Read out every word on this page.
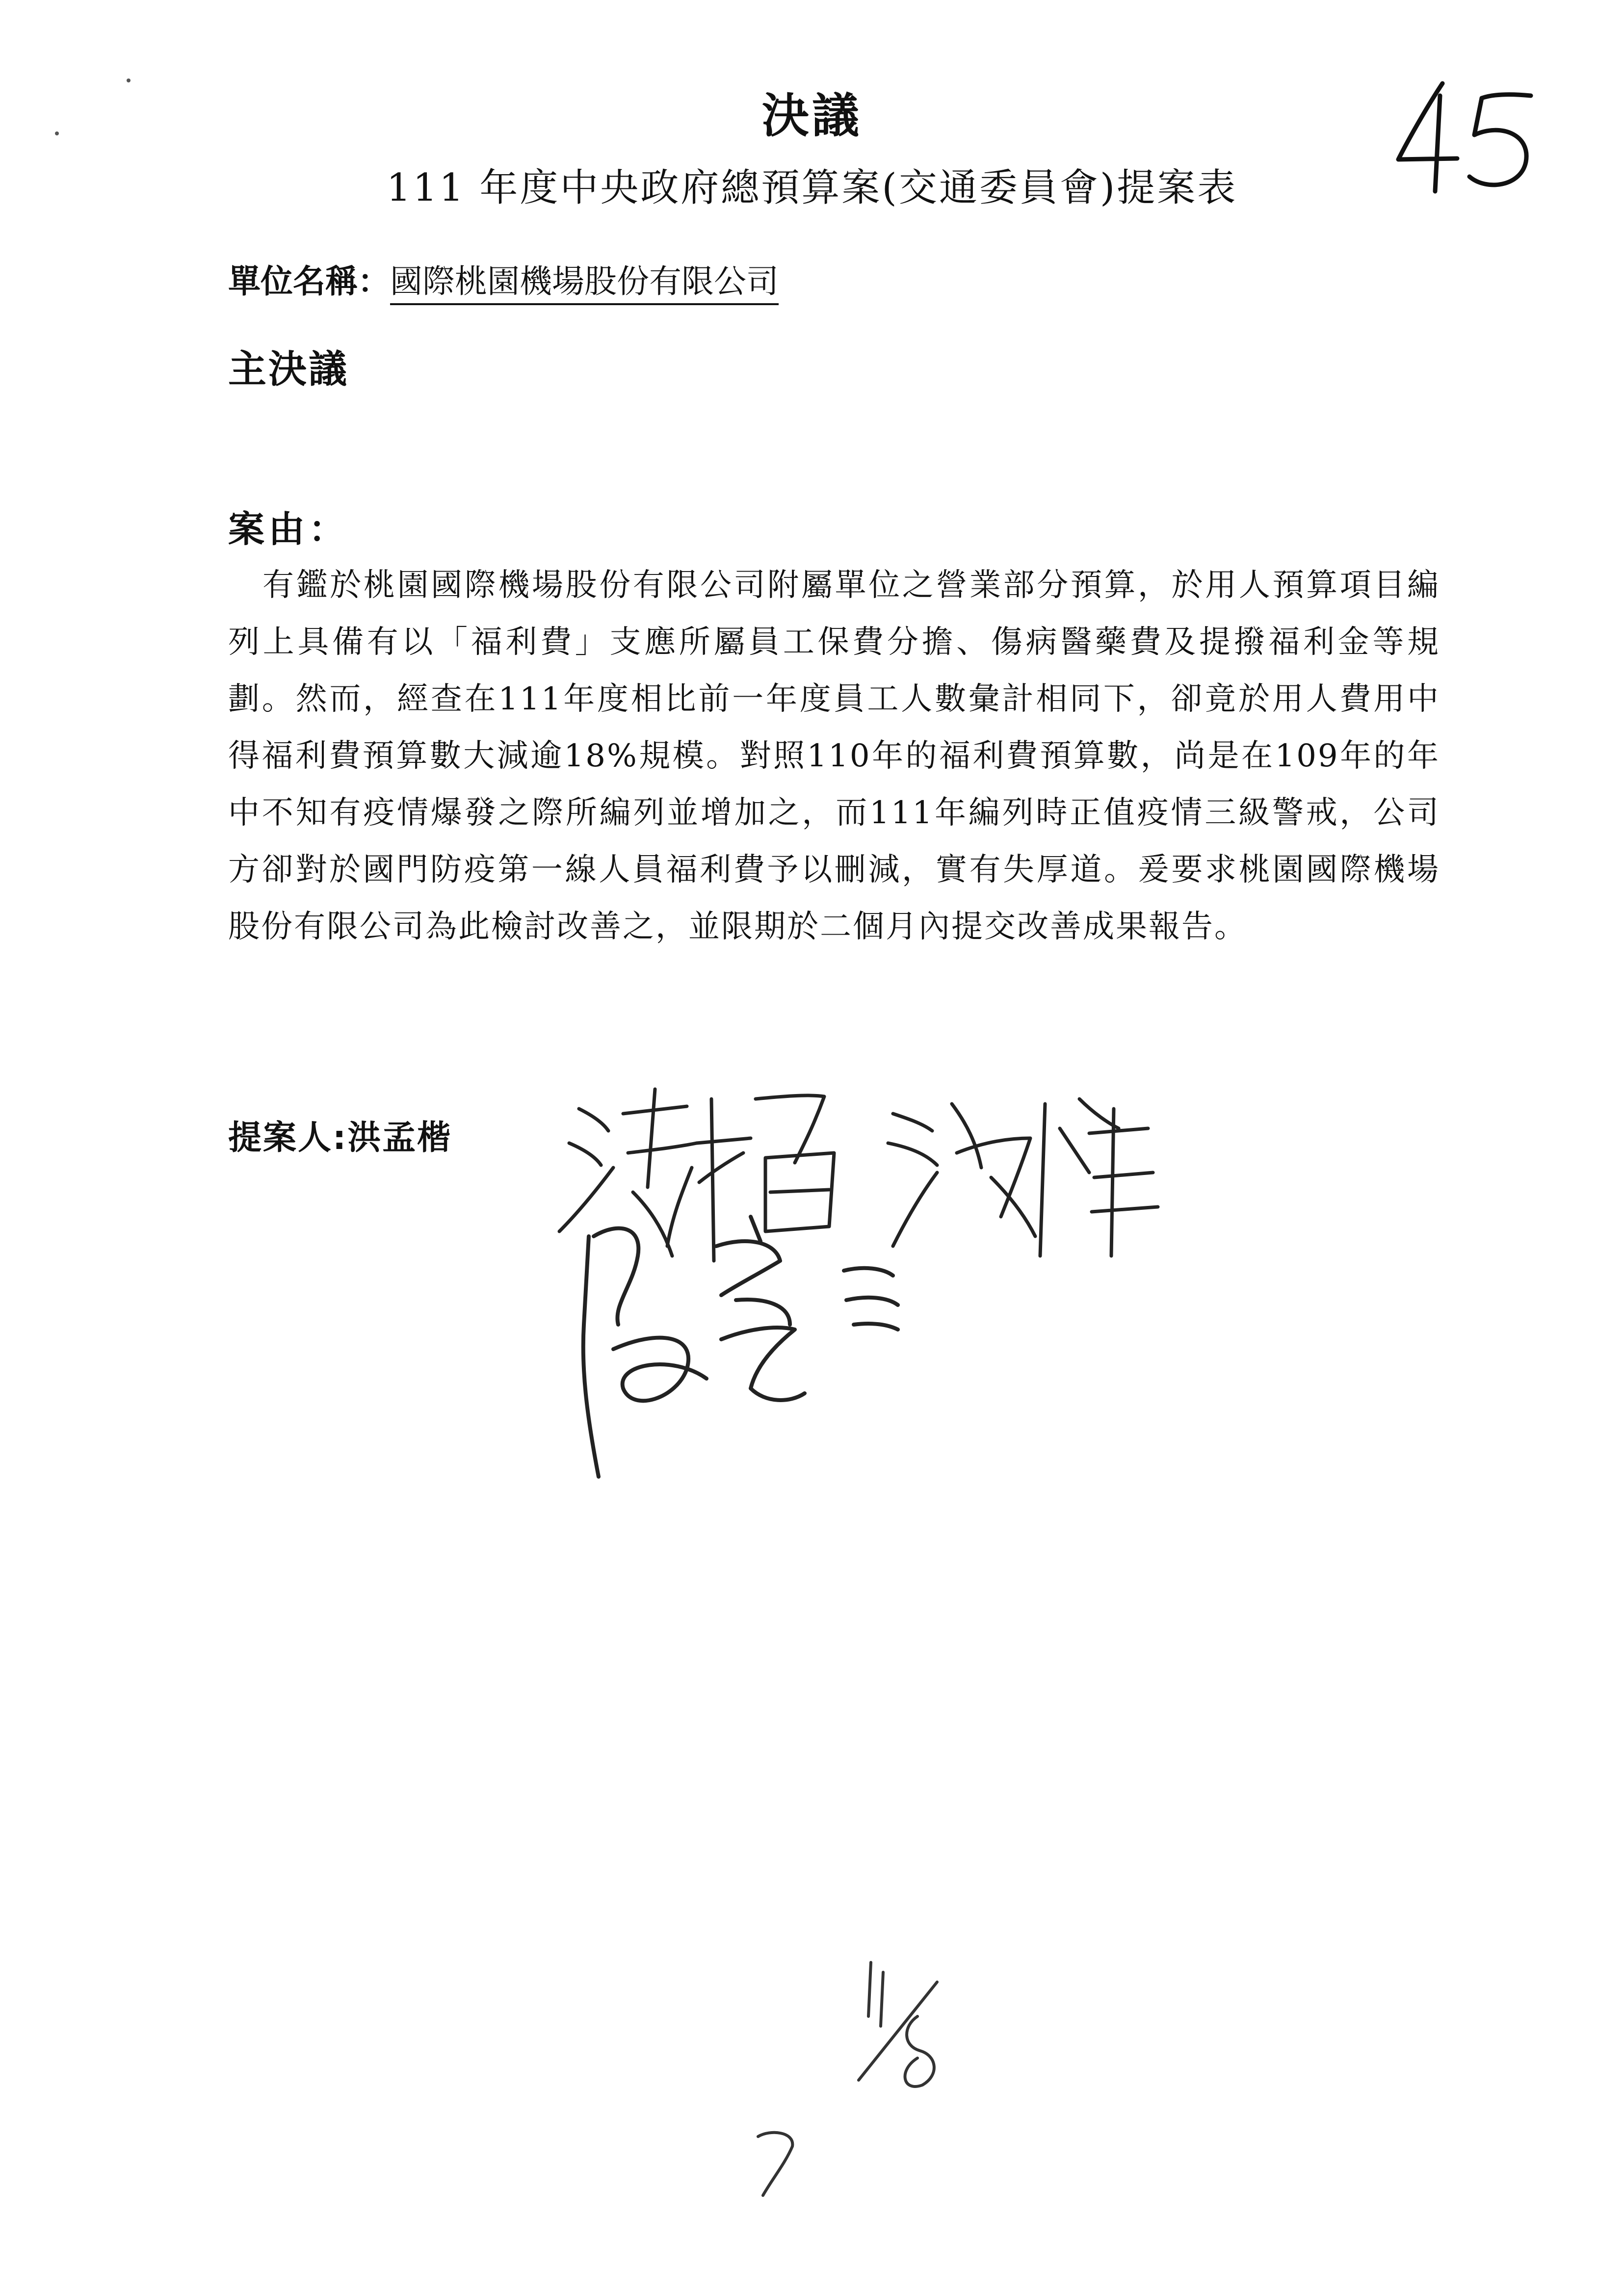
決議
111 年度中央政府總預算案(交通委員會)提案表
單位名稱：國際桃園機場股份有限公司
主決議
案由：
有鑑於桃園國際機場股份有限公司附屬單位之營業部分預算，於用人預算項目編列上具備有以「福利費」支應所屬員工保費分擔、傷病醫藥費及提撥福利金等規劃。然而，經查在111年度相比前一年度員工人數彙計相同下，卻竟於用人費用中得福利費預算數大減逾18%規模。對照110年的福利費預算數，尚是在109年的年中不知有疫情爆發之際所編列並增加之，而111年編列時正值疫情三級警戒，公司方卻對於國門防疫第一線人員福利費予以刪減，實有失厚道。爰要求桃園國際機場股份有限公司為此檢討改善之，並限期於二個月內提交改善成果報告。
提案人:洪孟楷
